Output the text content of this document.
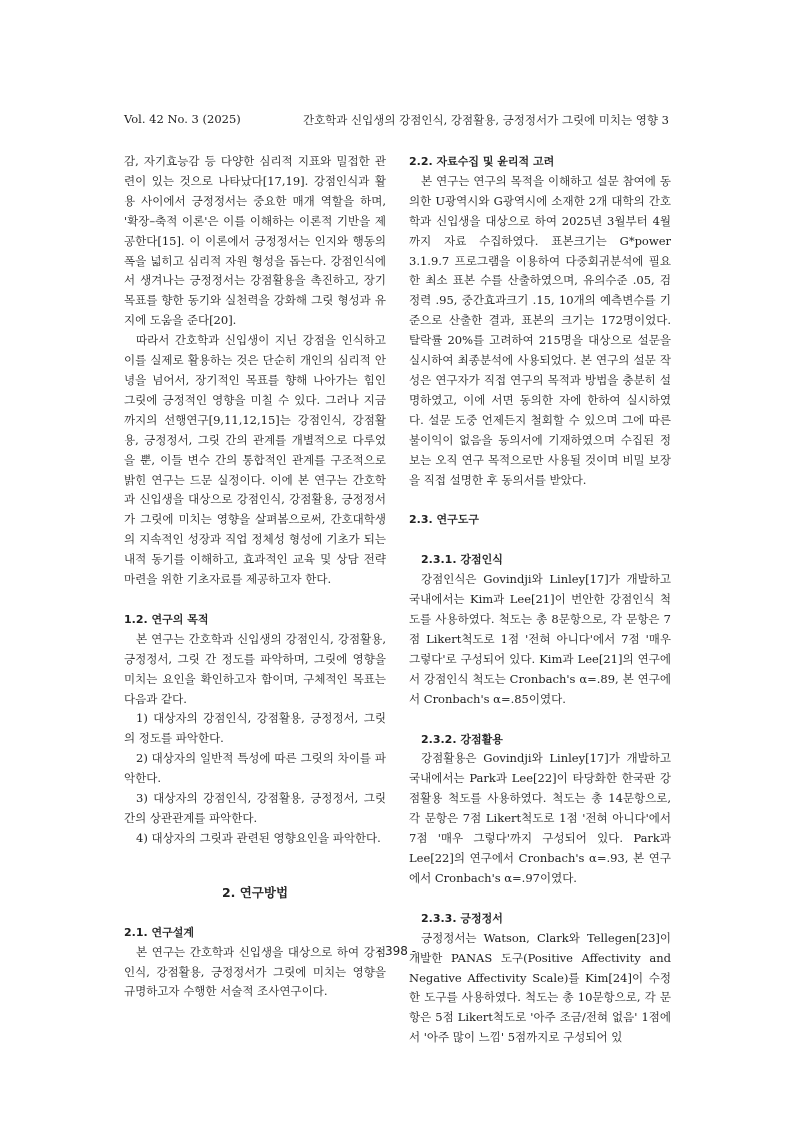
Vol. 42 No. 3 (2025)	간호학과 신입생의 강점인식, 강점활용, 긍정정서가 그릿에 미치는 영향 3

감, 자기효능감 등 다양한 심리적 지표와 밀접한 관련이 있는 것으로 나타났다[17,19]. 강점인식과 활용 사이에서 긍정정서는 중요한 매개 역할을 하며, '확장–축적 이론'은 이를 이해하는 이론적 기반을 제공한다[15]. 이 이론에서 긍정정서는 인지와 행동의 폭을 넓히고 심리적 자원 형성을 돕는다. 강점인식에서 생겨나는 긍정정서는 강점활용을 촉진하고, 장기 목표를 향한 동기와 실천력을 강화해 그릿 형성과 유지에 도움을 준다[20].

따라서 간호학과 신입생이 지닌 강점을 인식하고 이를 실제로 활용하는 것은 단순히 개인의 심리적 안녕을 넘어서, 장기적인 목표를 향해 나아가는 힘인 그릿에 긍정적인 영향을 미칠 수 있다. 그러나 지금까지의 선행연구[9,11,12,15]는 강점인식, 강점활용, 긍정정서, 그릿 간의 관계를 개별적으로 다루었을 뿐, 이들 변수 간의 통합적인 관계를 구조적으로 밝힌 연구는 드문 실정이다. 이에 본 연구는 간호학과 신입생을 대상으로 강점인식, 강점활용, 긍정정서가 그릿에 미치는 영향을 살펴봄으로써, 간호대학생의 지속적인 성장과 직업 정체성 형성에 기초가 되는 내적 동기를 이해하고, 효과적인 교육 및 상담 전략 마련을 위한 기초자료를 제공하고자 한다.

1.2. 연구의 목적

본 연구는 간호학과 신입생의 강점인식, 강점활용, 긍정정서, 그릿 간 정도를 파악하며, 그릿에 영향을 미치는 요인을 확인하고자 함이며, 구체적인 목표는 다음과 같다.

1) 대상자의 강점인식, 강점활용, 긍정정서, 그릿의 정도를 파악한다.

2) 대상자의 일반적 특성에 따른 그릿의 차이를 파악한다.

3) 대상자의 강점인식, 강점활용, 긍정정서, 그릿 간의 상관관계를 파악한다.

4) 대상자의 그릿과 관련된 영향요인을 파악한다.

2. 연구방법
2.1. 연구설계

본 연구는 간호학과 신입생을 대상으로 하여 강점인식, 강점활용, 긍정정서가 그릿에 미치는 영향을 규명하고자 수행한 서술적 조사연구이다.

2.2. 자료수집 및 윤리적 고려

본 연구는 연구의 목적을 이해하고 설문 참여에 동의한 U광역시와 G광역시에 소재한 2개 대학의 간호학과 신입생을 대상으로 하여 2025년 3월부터 4월까지 자료 수집하였다. 표본크기는 G*power 3.1.9.7 프로그램을 이용하여 다중회귀분석에 필요한 최소 표본 수를 산출하였으며, 유의수준 .05, 검정력 .95, 중간효과크기 .15, 10개의 예측변수를 기준으로 산출한 결과, 표본의 크기는 172명이었다. 탈락률 20%를 고려하여 215명을 대상으로 설문을 실시하여 최종분석에 사용되었다. 본 연구의 설문 작성은 연구자가 직접 연구의 목적과 방법을 충분히 설명하였고, 이에 서면 동의한 자에 한하여 실시하였다. 설문 도중 언제든지 철회할 수 있으며 그에 따른 불이익이 없음을 동의서에 기재하였으며 수집된 정보는 오직 연구 목적으로만 사용될 것이며 비밀 보장을 직접 설명한 후 동의서를 받았다.

2.3. 연구도구
2.3.1. 강점인식

강점인식은 Govindji와 Linley[17]가 개발하고 국내에서는 Kim과 Lee[21]이 번안한 강점인식 척도를 사용하였다. 척도는 총 8문항으로, 각 문항은 7점 Likert척도로 1점 '전혀 아니다'에서 7점 '매우 그렇다'로 구성되어 있다. Kim과 Lee[21]의 연구에서 강점인식 척도는 Cronbach's α=.89, 본 연구에서 Cronbach's α=.85이였다.

2.3.2. 강점활용

강점활용은 Govindji와 Linley[17]가 개발하고 국내에서는 Park과 Lee[22]이 타당화한 한국판 강점활용 척도를 사용하였다. 척도는 총 14문항으로, 각 문항은 7점 Likert척도로 1점 '전혀 아니다'에서 7점 '매우 그렇다'까지 구성되어 있다. Park과 Lee[22]의 연구에서 Cronbach's α=.93, 본 연구에서 Cronbach's α=.97이였다.

2.3.3. 긍정정서

긍정정서는 Watson, Clark와 Tellegen[23]이 개발한 PANAS 도구(Positive Affectivity and Negative Affectivity Scale)를 Kim[24]이 수정한 도구를 사용하였다. 척도는 총 10문항으로, 각 문항은 5점 Likert척도로 '아주 조금/전혀 없음' 1점에서 '아주 많이 느낌' 5점까지로 구성되어 있

- 398 -
